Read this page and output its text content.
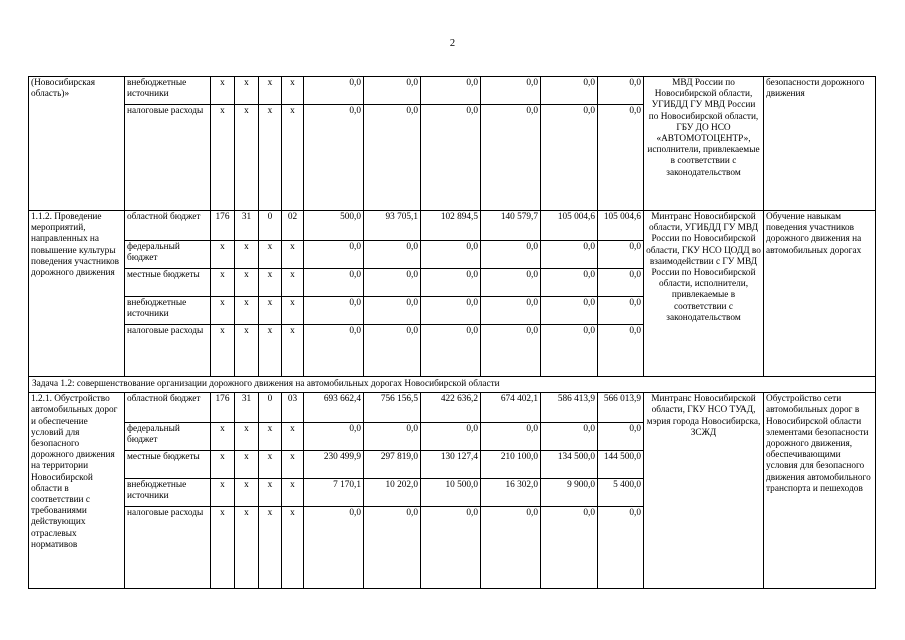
2
(Новосибирская область)»	внебюджетные источники	х	х	х	х	0,0	0,0	0,0	0,0	0,0	0,0	МВД России по Новосибирской области, УГИБДД ГУ МВД России по Новосибирской области, ГБУ ДО НСО «АВТОМОТОЦЕНТР», исполнители, привлекаемые в соответствии с законодательством	безопасности дорожного движения
	налоговые расходы	х	х	х	х	0,0	0,0	0,0	0,0	0,0	0,0		
1.1.2. Проведение мероприятий, направленных на повышение культуры поведения участников дорожного движения	областной бюджет	176	31	0	02	500,0	93 705,1	102 894,5	140 579,7	105 004,6	105 004,6	Минтранс Новосибирской области, УГИБДД ГУ МВД России по Новосибирской области, ГКУ НСО ЦОДД во взаимодействии с ГУ МВД России по Новосибирской области, исполнители, привлекаемые в соответствии с законодательством	Обучение навыкам поведения участников дорожного движения на автомобильных дорогах
	федеральный бюджет	х	х	х	х	0,0	0,0	0,0	0,0	0,0	0,0		
	местные бюджеты	х	х	х	х	0,0	0,0	0,0	0,0	0,0	0,0		
	внебюджетные источники	х	х	х	х	0,0	0,0	0,0	0,0	0,0	0,0		
	налоговые расходы	х	х	х	х	0,0	0,0	0,0	0,0	0,0	0,0		
Задача 1.2: совершенствование организации дорожного движения на автомобильных дорогах Новосибирской области													
1.2.1. Обустройство автомобильных дорог и обеспечение условий для безопасного дорожного движения на территории Новосибирской области в соответствии с требованиями действующих отраслевых нормативов	областной бюджет	176	31	0	03	693 662,4	756 156,5	422 636,2	674 402,1	586 413,9	566 013,9	Минтранс Новосибирской области, ГКУ НСО ТУАД, мэрия города Новосибирска, ЗСЖД	Обустройство сети автомобильных дорог в Новосибирской области элементами безопасности дорожного движения, обеспечивающими условия для безопасного движения автомобильного транспорта и пешеходов
	федеральный бюджет	х	х	х	х	0,0	0,0	0,0	0,0	0,0	0,0		
	местные бюджеты	х	х	х	х	230 499,9	297 819,0	130 127,4	210 100,0	134 500,0	144 500,0		
	внебюджетные источники	х	х	х	х	7 170,1	10 202,0	10 500,0	16 302,0	9 900,0	5 400,0		
	налоговые расходы	х	х	х	х	0,0	0,0	0,0	0,0	0,0	0,0		
